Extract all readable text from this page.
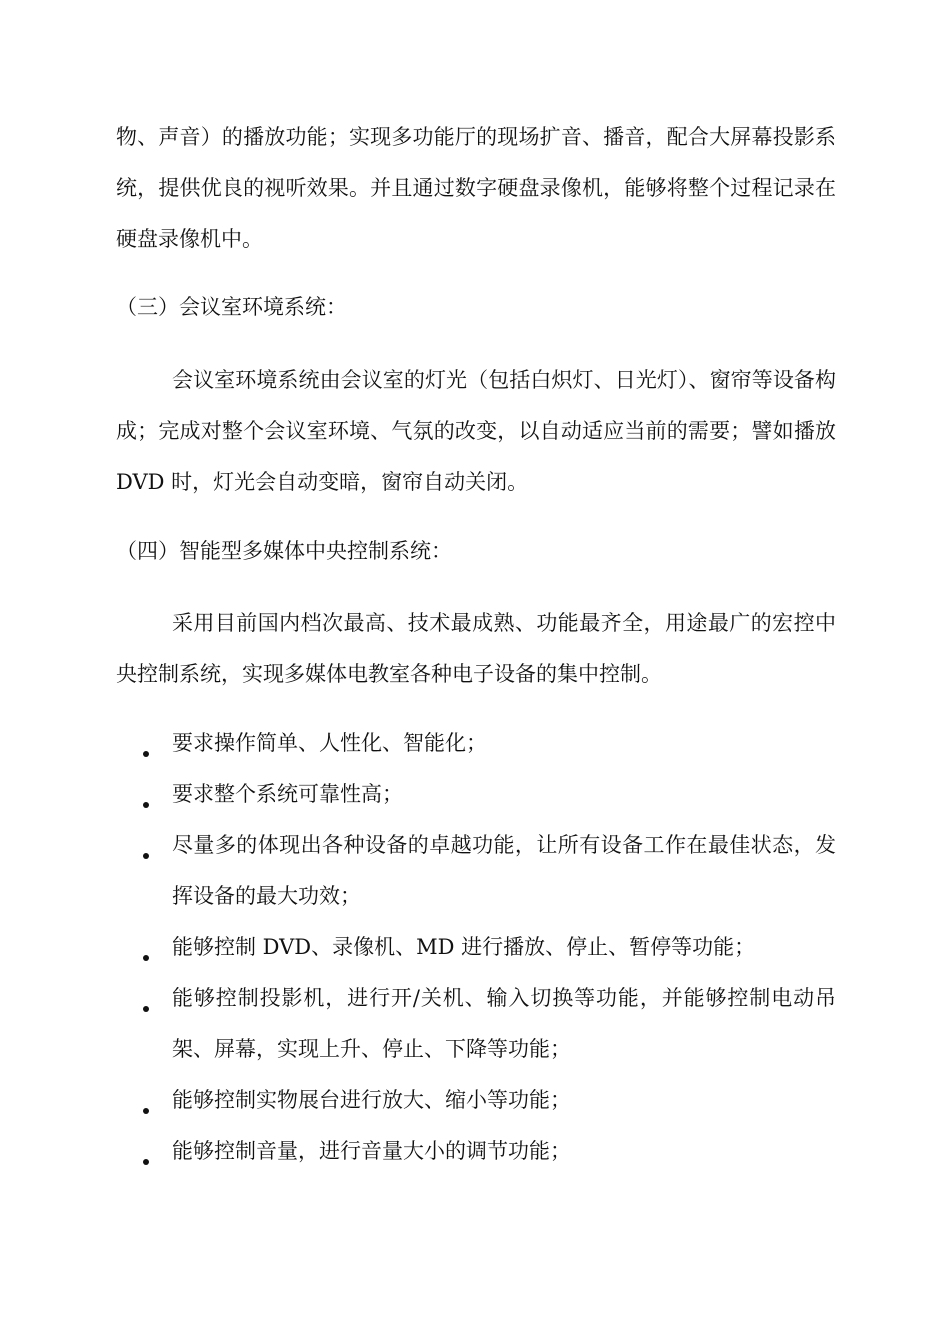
物、声音）的播放功能；实现多功能厅的现场扩音、播音，配合大屏幕投影系统，提供优良的视听效果。并且通过数字硬盘录像机，能够将整个过程记录在硬盘录像机中。

（三）会议室环境系统：

会议室环境系统由会议室的灯光（包括白炽灯、日光灯）、窗帘等设备构成；完成对整个会议室环境、气氛的改变，以自动适应当前的需要；譬如播放 DVD 时，灯光会自动变暗，窗帘自动关闭。

（四）智能型多媒体中央控制系统：

采用目前国内档次最高、技术最成熟、功能最齐全，用途最广的宏控中央控制系统，实现多媒体电教室各种电子设备的集中控制。

要求操作简单、人性化、智能化；
要求整个系统可靠性高；
尽量多的体现出各种设备的卓越功能，让所有设备工作在最佳状态，发挥设备的最大功效；
能够控制 DVD、录像机、MD 进行播放、停止、暂停等功能；
能够控制投影机，进行开/关机、输入切换等功能，并能够控制电动吊架、屏幕，实现上升、停止、下降等功能；
能够控制实物展台进行放大、缩小等功能；
能够控制音量，进行音量大小的调节功能；
